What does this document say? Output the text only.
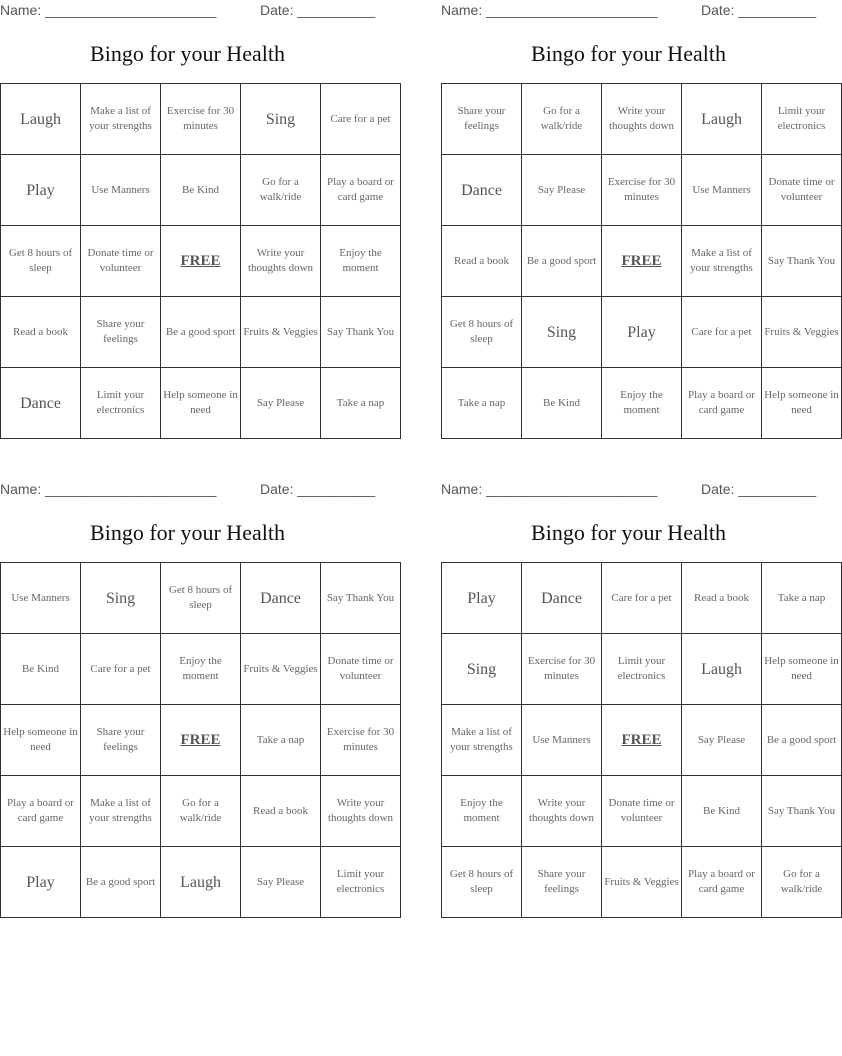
Name: ______________________	Date: __________
Bingo for your Health
Laugh	Make a list of your strengths	Exercise for 30 minutes	Sing	Care for a pet
Play	Use Manners	Be Kind	Go for a walk/ride	Play a board or card game
Get 8 hours of sleep	Donate time or volunteer	FREE	Write your thoughts down	Enjoy the moment
Read a book	Share your feelings	Be a good sport	Fruits & Veggies	Say Thank You
Dance	Limit your electronics	Help someone in need	Say Please	Take a nap
Name: ______________________	Date: __________
Bingo for your Health
Share your feelings	Go for a walk/ride	Write your thoughts down	Laugh	Limit your electronics
Dance	Say Please	Exercise for 30 minutes	Use Manners	Donate time or volunteer
Read a book	Be a good sport	FREE	Make a list of your strengths	Say Thank You
Get 8 hours of sleep	Sing	Play	Care for a pet	Fruits & Veggies
Take a nap	Be Kind	Enjoy the moment	Play a board or card game	Help someone in need
Name: ______________________	Date: __________
Bingo for your Health
Use Manners	Sing	Get 8 hours of sleep	Dance	Say Thank You
Be Kind	Care for a pet	Enjoy the moment	Fruits & Veggies	Donate time or volunteer
Help someone in need	Share your feelings	FREE	Take a nap	Exercise for 30 minutes
Play a board or card game	Make a list of your strengths	Go for a walk/ride	Read a book	Write your thoughts down
Play	Be a good sport	Laugh	Say Please	Limit your electronics
Name: ______________________	Date: __________
Bingo for your Health
Play	Dance	Care for a pet	Read a book	Take a nap
Sing	Exercise for 30 minutes	Limit your electronics	Laugh	Help someone in need
Make a list of your strengths	Use Manners	FREE	Say Please	Be a good sport
Enjoy the moment	Write your thoughts down	Donate time or volunteer	Be Kind	Say Thank You
Get 8 hours of sleep	Share your feelings	Fruits & Veggies	Play a board or card game	Go for a walk/ride
